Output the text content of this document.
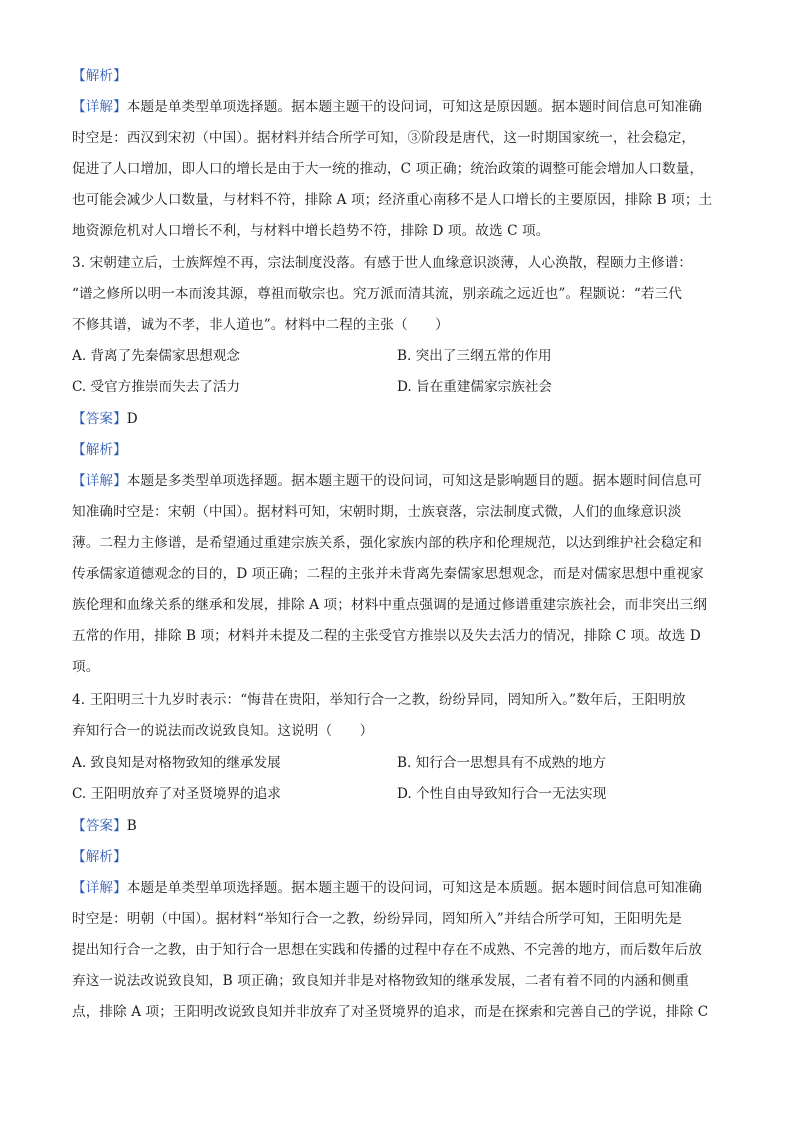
【解析】
【详解】本题是单类型单项选择题。据本题主题干的设问词，可知这是原因题。据本题时间信息可知准确
时空是：西汉到宋初（中国）。据材料并结合所学可知，③阶段是唐代，这一时期国家统一，社会稳定，
促进了人口增加，即人口的增长是由于大一统的推动，C 项正确；统治政策的调整可能会增加人口数量，
也可能会减少人口数量，与材料不符，排除 A 项；经济重心南移不是人口增长的主要原因，排除 B 项；土
地资源危机对人口增长不利，与材料中增长趋势不符，排除 D 项。故选 C 项。
3. 宋朝建立后，士族辉煌不再，宗法制度没落。有感于世人血缘意识淡薄，人心涣散，程颐力主修谱：
“谱之修所以明一本而浚其源，尊祖而敬宗也。究万派而清其流，别亲疏之远近也”。程颢说：“若三代
不修其谱，诚为不孝，非人道也”。材料中二程的主张（　　）
A. 背离了先秦儒家思想观念	B. 突出了三纲五常的作用
C. 受官方推崇而失去了活力	D. 旨在重建儒家宗族社会
【答案】D
【解析】
【详解】本题是多类型单项选择题。据本题主题干的设问词，可知这是影响题目的题。据本题时间信息可
知准确时空是：宋朝（中国）。据材料可知，宋朝时期，士族衰落，宗法制度式微，人们的血缘意识淡
薄。二程力主修谱，是希望通过重建宗族关系，强化家族内部的秩序和伦理规范，以达到维护社会稳定和
传承儒家道德观念的目的，D 项正确；二程的主张并未背离先秦儒家思想观念，而是对儒家思想中重视家
族伦理和血缘关系的继承和发展，排除 A 项；材料中重点强调的是通过修谱重建宗族社会，而非突出三纲
五常的作用，排除 B 项；材料并未提及二程的主张受官方推崇以及失去活力的情况，排除 C 项。故选 D
项。
4. 王阳明三十九岁时表示：“悔昔在贵阳，举知行合一之教，纷纷异同，罔知所入。”数年后，王阳明放
弃知行合一的说法而改说致良知。这说明（　　）
A. 致良知是对格物致知的继承发展	B. 知行合一思想具有不成熟的地方
C. 王阳明放弃了对圣贤境界的追求	D. 个性自由导致知行合一无法实现
【答案】B
【解析】
【详解】本题是单类型单项选择题。据本题主题干的设问词，可知这是本质题。据本题时间信息可知准确
时空是：明朝（中国）。据材料“举知行合一之教，纷纷异同，罔知所入”并结合所学可知，王阳明先是
提出知行合一之教，由于知行合一思想在实践和传播的过程中存在不成熟、不完善的地方，而后数年后放
弃这一说法改说致良知，B 项正确；致良知并非是对格物致知的继承发展，二者有着不同的内涵和侧重
点，排除 A 项；王阳明改说致良知并非放弃了对圣贤境界的追求，而是在探索和完善自己的学说，排除 C
